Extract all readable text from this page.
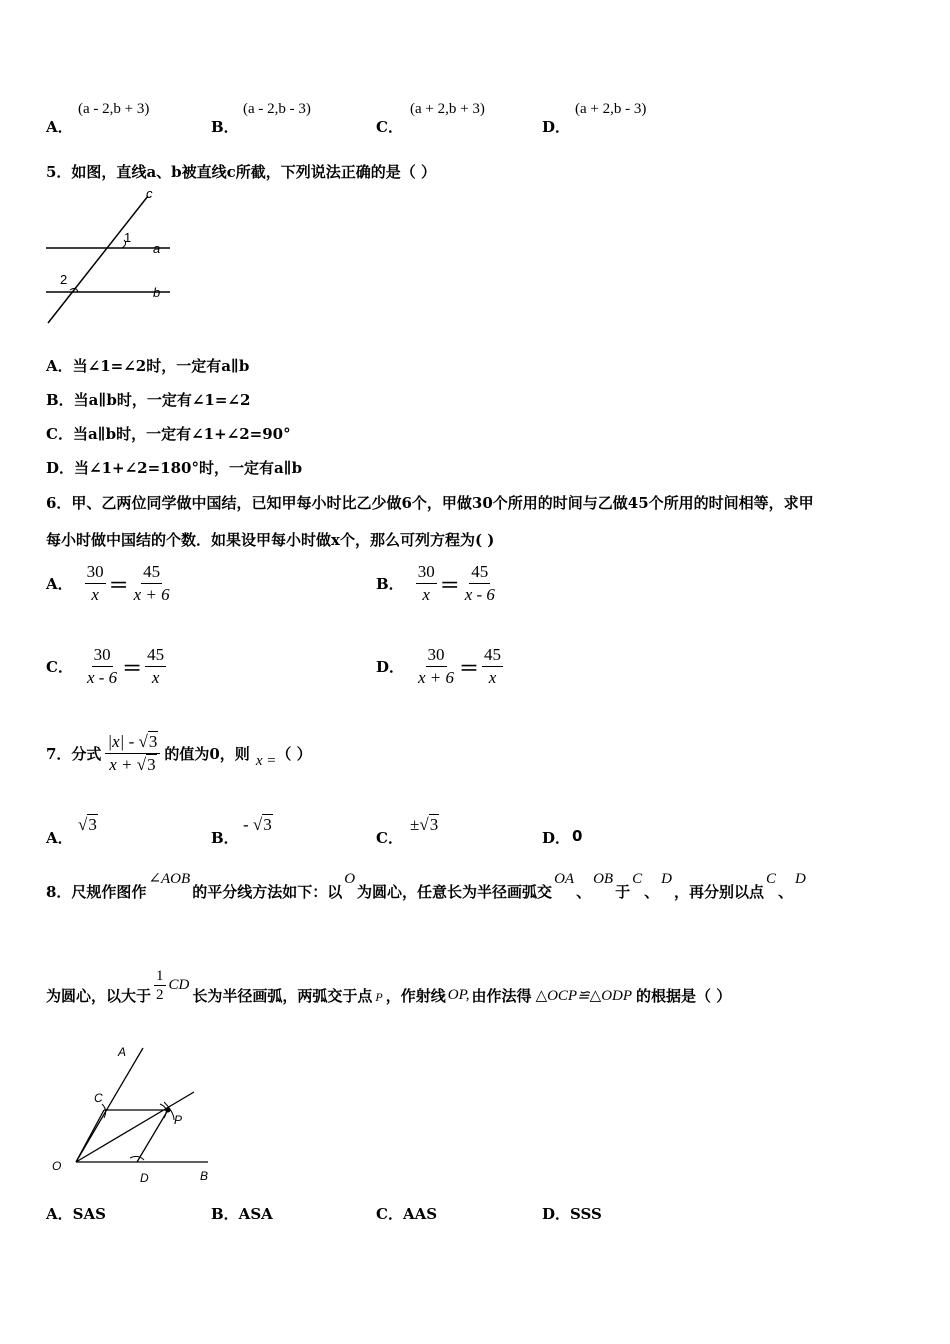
A．
(a - 2,b + 3)
B．
(a - 2,b - 3)
C．
(a + 2,b + 3)
D．
(a + 2,b - 3)
5．如图，直线a、b被直线c所截，下列说法正确的是（ ）
c
a
b
1
2
A．当∠1=∠2时，一定有a∥b
B．当a∥b时，一定有∠1=∠2
C．当a∥b时，一定有∠1+∠2=90°
D．当∠1+∠2=180°时，一定有a∥b
6．甲、乙两位同学做中国结，已知甲每小时比乙少做6个，甲做30个所用的时间与乙做45个所用的时间相等，求甲
每小时做中国结的个数．如果设甲每小时做x个，那么可列方程为( )
A． $\frac{30}{x} = \frac{45}{x + 6}$	B． $\frac{30}{x} = \frac{45}{x - 6}$
C． $\frac{30}{x - 6} = \frac{45}{x}$	D． $\frac{30}{x + 6} = \frac{45}{x}$
7．分式 $\frac{|x| - √3}{x + √3}$ 的值为0，则 x = （ ）
A．
√3
B．
- √3
C．
±√3
D． 0
8．尺规作图作
∠AOB
的平分线方法如下：以
O
为圆心，任意长为半径画弧交
OA
、
OB
于
C
、
D
，再分别以点
C
、
D
为圆心，以大于 $\frac{1}{2}$ CD
长为半径画弧，两弧交于点 P ，作射线 OP, 由作法得 △OCP≌△ODP 的根据是（ ）
A
C
P
O
D	B
A．SAS	B．ASA	C．AAS	D．SSS
